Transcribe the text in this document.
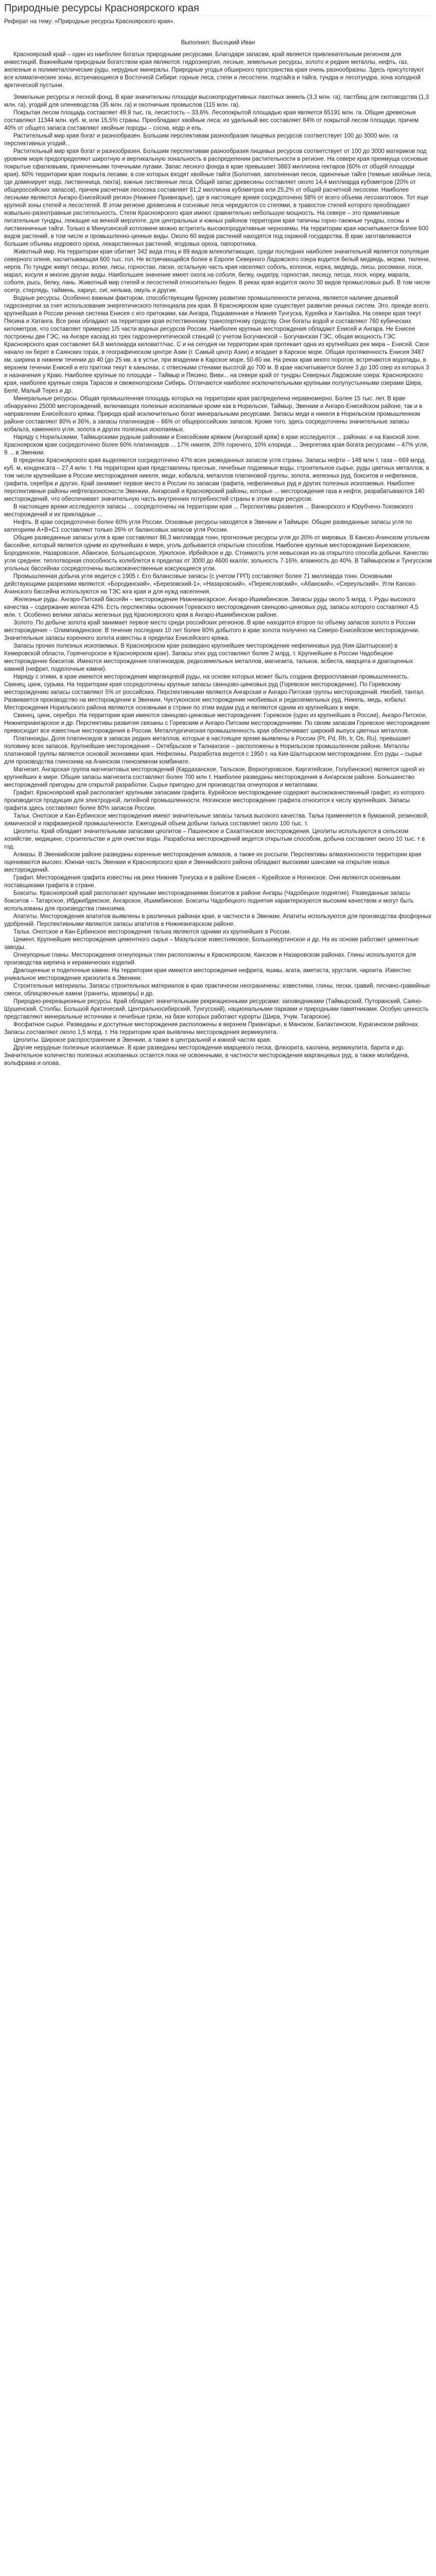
Природные ресурсы Красноярского края
Реферат на тему: «Природные ресурсы Красноярского края».
Выполнил: Высоцкий Иван

Красноярский край – один из наиболее богатых природными ресурсами. Благодаря запасам, край является привлекательным регионом для инвестиций. Важнейшим природным богатством края являются: гидроэнергия, лесные, земельные ресурсы, золото и редкие металлы, нефть, газ, железные и полиметаллические руды, нерудные минералы. Природные угодья обширного пространства края очень разнообразны. Здесь присутствуют все климатические зоны, встречающиеся в Восточной Сибири: горные леса, степи и лесостепи, подтайга и тайга, тундра и лесотундра, зона холодной арктической пустыни.

Земельные ресурсы и лесной фонд. В крае значительны площади высокопродуктивных пахотных земель (3,3 млн. га), пастбищ для скотоводства (1,3 млн. га), угодий для оленеводства (35 млн. га) и охотничьих промыслов (115 млн. га).

Покрытая лесом площадь составляет 49,9 тыс. га, лесистость – 33,6%. Лесопокрытой площадью края является 65191 млн. га. Общие древесные составляют 11344 млн. куб. м, или 15,5% страны. Преобладают хвойные леса: их удельный вес составляет 84% от покрытой лесом площади, причем 40% от общего запаса составляют хвойные породы – сосна, кедр и ель.

Растительный мир края богат и разнообразен. Большим перспективам разнообразия пищевых ресурсов соответствует 100 до 3000 млн. га перспективных угодий...

Растительный мир края богат и разнообразен. Большим перспективам разнообразия пищевых ресурсов соответствует от 100 до 3000 материков под уровнем моря предопределяют широтную и вертикальную зональность в распределении растительности в регионе. На севере края преимуща сосновые покрытые сфагновыми, приюченными точечными лугами. Запас лесного фонда в крае превышает 3883 миллиона гектаров (60% от общей площади края). 60% территории края покрыта лесами, в сое которых входят хвойные тайги (Болотная, заполненная песок, одиночные тайги (темные хвойные леса, где доминирует кедр, лиственница, пихта), южные лиственные леса. Общий запас древесины составляет около 14,4 миллиарда кубометров (20% от общероссийских запасов), причем расчетная лесосека составляет 81,2 миллиона кубометров или 25,2% от общей расчетной лесосеки. Наиболее лесными являются Ангаро-Енисейский регион (Нижнее Приангарье), где в настоящее время сосредоточено 58% от всего объема лесозаготовок. Тот еще крупной зоны степей и лесостепей. В этом регионе древесина и сосновые леса чередуются со степями, в травостое степей которого преобладают ковыльно-разнотравные растительность. Степи Красноярского края имеют сравнительно небольшую мощность. На севере – это примитивные питательные тундры, лежащие на вечной мерзлоте, для центральных и южных районов территории края типичны горно-таежные тундры, сосны и лиственничные тайги. Только в Минусинской котловине можно встретить высокопродуктивные черноземы. На территории края насчитывается более 600 видов растений, в том числе и промышленно-ценные виды. Около 60 видов растений находятся под охраной государства. В крае заготавливаются большие объемы кедрового ореха, лекарственных растений, ягодовых ореха, папоротника.

Животный мир. На территории края обитает 342 вида птиц и 89 видов млекопитающих, среди последних наиболее значительной является популяция северного оленя, насчитывающая 600 тыс. гол. Не встречающийся более в Европе Северного Ладожского озера водится белый медведь, моржи, тюлени, нерпа. По тундре живут песцы, волки, лисы, горностаи, ласки, остальную часть края населяют соболь, колонок, норка, медведь, лисы, росомахи, лоси, марал, косуля и многие другие виды. Наибольшее значение имеет охота на соболя, белку, ондатру, горностая, лисицу, песца, лося, норку, марала, соболя, рысь, белку, лань. Животный мир степей и лесостепей относительно беден. В реках края водится около 30 видов промысловых рыб. В том числе осетр, стерлядь, таймень, хариус, сиг, нельма, омуль и другие.

Водные ресурсы. Особенно важным фактором, способствующим бурному развитию промышленности региона, является наличие дешевой гидроэнергии за счет использования энергетического потенциала рек края. В Красноярском крае существует развитие речных систем. Это, прежде всего, крупнейшая в России речная система Енисея с его притоками, как Ангара, Подкаменная и Нижняя Тунгуска, Курейка и Хантайка. На севере края текут Пясина и Хатанга. Все реки обладают на территории края естественному транспортному средству. Они богаты водой и составляют 760 кубических километров, что составляет примерно 1/5 части водных ресурсов России. Наиболее крупные месторождения обладают Енисей и Ангара. Не Енисее построены две ГЭС, на Ангаре каскад из трех гидроэнергетической станций (с учетом Богучанской – Богучанская ГЭС, общая мощность ГЭС Красноярского края составляет 64,8 миллиарда киловатт/час. С и на сегодня ни территории края протекает одна из крупнейших рек мира – Енисей. Свое начало он берет в Саянских горах, в географическом центре Азии (г. Самый центр Азии) и впадает в Карское море. Общая протяженность Енисея 3487 км, ширина в нижнем течении до 40 (до 25 км, а в устье, при впадении в Карское море, 50-60 км. На реках края много порогов, встречаются водопады, в верхнем течении Енисей и его притоки текут в каньонах, с отвесными стенами высотой до 700 м. В крае насчитывается более 3 до 100 озер из которых 3 и назначения у Краю. Наиболее крупные по площади – Таймыр и Пясино, Виви... на севере край от тундры Северных Ладожские озера: Красноярского края, наиболее крупные озера Тарасов и свеженогорская Сибирь. Отличаются наиболее исключительными крупными полупустынными озерами Шира, Белё, Малый Терез и др.

Минеральные ресурсы. Общая промышленная площадь которых на территории края распределена неравномерно. Более 15 тыс. лет. В крае обнаружено 25000 месторождений, включающих полезные ископаемые кроме как в Норильске, Таймыр, Эвенкии и Ангаро-Енисейском районе, так и в направлении Енисейского кряжа. Природа край исключительно богат минеральными ресурсами. Запасы меди и никеля в Норильском промышленном районе составляют 80% и 36%, а запасы платиноидов – 66% от общероссийских запасов. Кроме того, здесь сосредоточены значительные запасы кобальта, каменного угля, золота и других полезных ископаемых.

Наряду с Норильскими, Таймырскими рудным районами и Енисейским кряжем (Ангарский кряж) в крае исследуются ... районах: и на Канской зоне. Красноярском крае сосредоточено более 60% платиноидов ... 17% никеля, 20% горючего, 10% хлорида ... Энергетика края богата ресурсами – 47% угля, 9 ... в Эвенкии.

В пределах Красноярского края выделяются сосредоточено 47% всех разведанных запасов угля страны. Запасы нефти – 148 млн т, газа – 669 млрд. куб. м, конденсата – 27,4 млн. т. На территории края представлены пресные, лечебные подземные воды, строительное сырье, руды цветных металлов, в том числе крупнейшие в России месторождения никеля, меди, кобальта, металлов платиновой группы, золота, железных руд, бокситов и нефелинов, графита, серебра и других. Край занимает первое место в России по запасам графита, нефелиновых руд и других полезных ископаемых. Наиболее перспективные районы нефтегазоносности Эвенкии, Ангарский и Красноярский районы, которые ... месторождения газа и нефти, разрабатываются 140 месторождений, что обеспечивает значительную часть внутренних потребностей страны в этом виде ресурсов.

В настоящее время исследуются запасы ... сосредоточены на территории края ... Перспективы развития ... Ванкорского и Юрубчено-Тохомского месторождений и их прикладные ...

Нефть. В крае сосредоточено более 60% угля России. Основные ресурсы находятся в Эвенкии и Таймыре. Общие разведанные запасы угля по категориям А+В+С1 составляют только 26% от балансовых запасов угля России.

Общие разведанные запасы угля в крае составляют 86,3 миллиарда тонн, прогнозные ресурсы угля до 20% от мировых. В Канско-Ачинском угольном бассейне, который является одним из крупнейших в мире, уголь добывается открытым способом. Наиболее крупные месторождения Березовское, Бородинское, Назаровское, Абанское, Большесырское, Урюпское, Ирбейское и др. Стоимость угля невысокая из-за открытого способа добычи. Качество угля среднее: теплотворная способность колеблется в пределах от 3000 до 4600 ккал/кг, зольность 7-16%, влажность до 40%. В Таймырском и Тунгусском угольных бассейнах сосредоточены высококачественные коксующиеся угли.

Промышленная добыча угля ведется с 1905 г. Его балансовые запасы (с учетом ГРП) составляют более 71 миллиарда тонн. Основными действующими разрезами являются: «Бородинский», «Березовский-1», «Назаровский», «Переясловский», «Абанский», «Сереульский». Угли Канско-Ачинского бассейна используются на ТЭС юга края и для нужд населения.

Железные руды. Ангаро-Питский бассейн – месторождение Нижнеангарское, Ангаро-Ишимбинское. Запасы руды около 5 млрд. т. Руды высокого качества – содержание железа 42%. Есть перспективы освоения Горевского месторождения свинцово-цинковых руд, запасы которого составляют 4,5 млн. т. Особенно велики запасы железных руд Красноярского края в Ангаро-Ишимбинском районе.

Золото. По добыче золота край занимает первое место среди российских регионов. В крае находится второе по объему запасов золото в России месторождение – Олимпиадинское. В течение последних 10 лет более 60% добытого в крае золота получено на Северо-Енисейском месторождении. Значительные запасы коренного золота известны в пределах Енисейского кряжа.

Запасы прочих полезных ископаемых. В Красноярском крае разведано крупнейшее месторождение нефелиновых руд (Кия-Шалтырское) в Кемеровской области, Горячегорское в Красноярском крае). Запасы этих руд составляют более 2 млрд. т. Крупнейшее в России Чадобецкое месторождение бокситов. Имеются месторождения платиноидов, редкоземельных металлов, магнезита, тальков, асбеста, кварцита и драгоценных камней (нефрит, поделочные камни).

Наряду с этими, в крае имеются месторождения марганцевой руды, на основе которых может быть создана ферросплавная промышленность. Свинец, цинк, сурьма. На территории края сосредоточены крупные запасы свинцово-цинковых руд (Горевское месторождение). По Горевскому месторождению запасы составляют 5% от российских. Перспективными являются Ангарская и Ангаро-Питская группы месторождений. Ниобий, тантал. Развивается производство на месторождении в Эвенкии. Чуктуконское месторождение ниобиевых и редкоземельных руд. Никель, медь, кобальт. Месторождения Норильского района являются основными в стране по этим видам руд и являются одним из крупнейших в мире.

Свинец, цинк, серебро. На территории края имеются свинцово-цинковые месторождения: Горевское (одно из крупнейших в России), Ангаро-Питское, Нижнеприангарское и др. Перспективы развития связаны с Горевским и Ангаро-Питским месторождениями. По своим запасам Горевское месторождение превосходит все известные месторождения в России. Металлургическая промышленность края обеспечивает широкий выпуск цветных металлов.

Платиноиды. Доля платиноидов в запасах редких металлов, которые в настоящее время выявлены в России (Pt, Pd, Rh, Ir, Os, Ru), превышает половину всех запасов. Крупнейшие месторождения – Октябрьское и Талнахское – расположены в Норильском промышленном районе. Металлы платиновой группы являются основой экономики края. Нефелины. Разработка ведется с 1950 г. на Кия-Шалтырском месторождении. Его руды – сырье для производства глинозема на Ачинском глиноземном комбинате.

Магнезит. Ангарская группа магнезитовых месторождений (Кардаханское, Тальское, Верхотуровское, Киргитейское, Голубинское) является одной из крупнейших в мире. Общие запасы магнезита составляют более 700 млн т. Наиболее разведаны месторождения в Ангарском районе. Большинство месторождений пригодны для открытой разработки. Сырье пригодно для производства огнеупоров и метаплавки.

Графит. Красноярский край располагает крупными запасами графита. Курейское месторождение содержит высококачественный графит, из которого производится продукция для электродной, литейной промышленности. Ногинское месторождение графита относится к числу крупнейших. Запасы графита здесь составляют более 80% запасов России.

Тальк. Онотское и Кан-Ербинское месторождения имеют значительные запасы талька высокого качества. Тальк применяется в бумажной, резиновой, химической и парфюмерной промышленности. Ежегодный объем добычи талька составляет около 100 тыс. т.

Цеолиты. Край обладает значительными запасами цеолитов – Пашенское и Сахаптинское месторождения. Цеолиты используются в сельском хозяйстве, медицине, строительстве и для очистки воды. Разработка месторождений ведется открытым способом, добыча составляет около 10 тыс. т в год.

Алмазы. В Эвенкийском районе разведаны коренные месторождения алмазов, а также их россыпи. Перспективы алмазоносности территории края оцениваются высоко. Южная часть Эвенкии и Красноярского края и Эвенкийского района обладают высокими шансами на открытие новых месторождений.

Графит. Месторождения графита известны на реке Нижняя Тунгуска и в районе Енисея – Курейское и Ногинское. Они являются основными поставщиками графита в стране.

Бокситы. Красноярский край располагает крупными месторождениями бокситов в районе Ангары (Чадобецкое поднятие). Разведанные запасы бокситов – Татарское, Ибджибдекское, Ангарское, Ишимбинское. Бокситы Чадобецкого поднятия характеризуются высоким качеством и могут быть использованы для производства глинозема.

Апатиты. Месторождения апатитов выявлены в различных районах края, в частности в Эвенкии. Апатиты используются для производства фосфорных удобрений. Перспективными являются запасы апатитов в Нижнеангарском районе.

Тальк. Онотское и Кан-Ербинское месторождения талька являются одними из крупнейших в России.

Цемент. Крупнейшие месторождения цементного сырья – Мазульское известняковое, Большемуртинское и др. На их основе работают цементные заводы.

Огнеупорные глины. Месторождения огнеупорных глин расположены в Красноярском, Канском и Назаровском районах. Глины используются для производства кирпича и керамических изделий.

Драгоценные и поделочные камни. На территории края имеются месторождения нефрита, яшмы, агата, аметиста, хрусталя, чароита. Известно уникальное месторождение хризолита в Эвенкии.

Строительные материалы. Запасы строительных материалов в крае практически неограничены: известняки, глины, пески, гравий, песчано-гравийные смеси, облицовочные камни (граниты, мраморы) и др.

Природно-рекреационные ресурсы. Край обладает значительными рекреационными ресурсами: заповедниками (Таймырский, Путоранский, Саяно-Шушенский, Столбы, Большой Арктический, Центральносибирский, Тунгусский), национальными парками и природными памятниками. Особую ценность представляют минеральные источники и лечебные грязи, на базе которых работают курорты (Шира, Учум, Тагарское).

Фосфатное сырье. Разведаны и доступные месторождения расположены в верхнем Приангарье, в Манском, Балахтинском, Курагинском районах. Запасы составляют около 1,5 млрд. т. На территории края выявлены месторождения вермикулита.

Цеолиты. Широкое распространение в Эвенкии, а также в центральной и южной частях края.

Другие нерудные полезные ископаемые. В крае разведаны месторождения кварцевого песка, флюорита, каолина, вермикулита, барита и др. Значительное количество полезных ископаемых остается пока не освоенными, в частности месторождения марганцевых руд, а также молибдена, вольфрама и олова.
